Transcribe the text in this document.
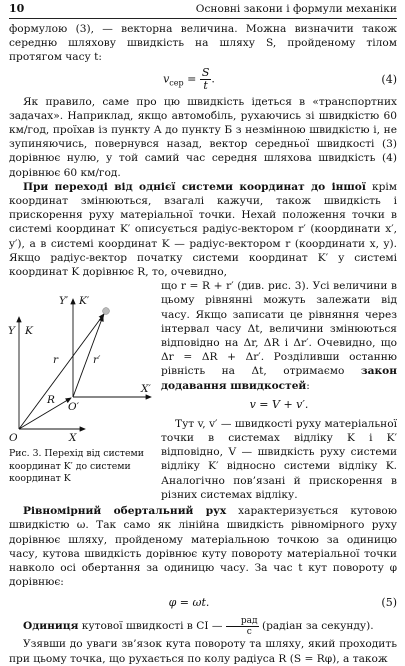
10	Основні закони і формули механіки

формулою (3), — векторна величина. Можна визначити також середню шляхову швидкість на шляху S, пройденому тілом протягом часу t:

$v_{сер} = \frac{S}{t}$ .	(4)

Як правило, саме про цю швидкість ідеться в «транспортних задачах». Наприклад, якщо автомобіль, рухаючись зі швидкістю 60 км/год, проїхав із пункту A до пункту Б з незмінною швидкістю і, не зупиняючись, повернувся назад, вектор середньої швидкості (3) дорівнює нулю, у той самий час середня шляхова швидкість (4) дорівнює 60 км/год.

При переході від однієї системи координат до іншої крім координат змінюються, взагалі кажучи, також швидкість і прискорення руху матеріальної точки. Нехай положення точки в системі координат K′ описується радіус-вектором r′ (координати x′, y′), а в системі координат K — радіус-вектором r (координати x, y). Якщо радіус-вектор початку системи координат K′ у системі координат K дорівнює R, то, очевидно,

Y K
X
O
Y′ K′
X′
O′
R
r	r′
Рис. 3. Перехід від системи координат K′ до системи координат K

що r = R + r′ (див. рис. 3). Усі величини в цьому рівнянні можуть залежати від часу. Якщо записати це рівняння через інтервал часу Δt, величини змінюються відповідно на Δr, ΔR і Δr′. Очевидно, що Δr = ΔR + Δr′. Розділивши останню рівність на Δt, отримаємо закон додавання швидкостей:

v = V + v′.

Тут v, v′ — швидкості руху матеріальної точки в системах відліку K і K′ відповідно, V — швидкість руху системи відліку K′ відносно системи відліку K. Аналогічно пов’язані й прискорення в різних системах відліку.

Рівномірний обертальний рух характеризується кутовою швидкістю ω. Так само як лінійна швидкість рівномірного руху дорівнює шляху, пройденому матеріальною точкою за одиницю часу, кутова швидкість дорівнює куту повороту матеріальної точки навколо осі обертання за одиницю часу. За час t кут повороту φ дорівнює:

φ = ωt.	(5)

Одиниця кутової швидкості в СІ — $\frac{\text{рад}}{с}$ (радіан за секунду).

Узявши до уваги зв’язок кута повороту та шляху, який проходить при цьому точка, що рухається по колу радіуса R (S = Rφ), а також
